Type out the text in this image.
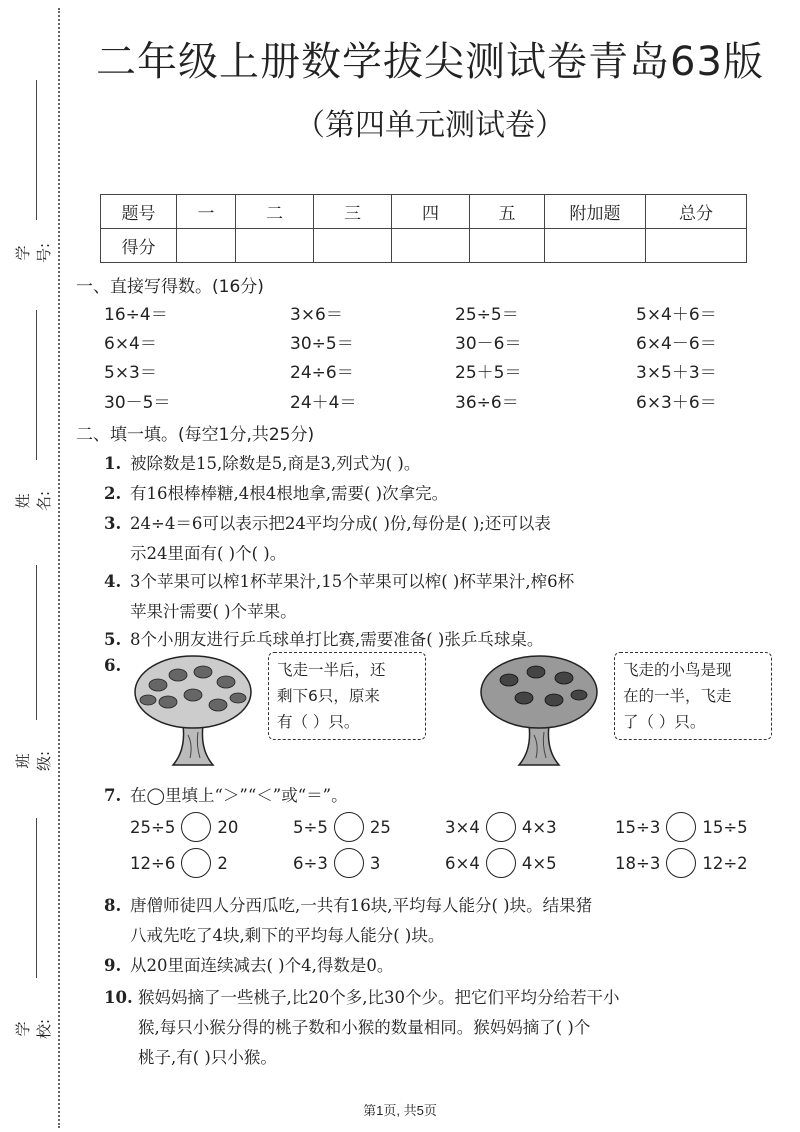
学号:
姓名:
班级:
学校:
二年级上册数学拔尖测试卷青岛63版
（第四单元测试卷）
题号	一	二	三	四	五	附加题	总分
得分							
一、直接写得数。(16分)
16÷4＝	3×6＝	25÷5＝	5×4＋6＝
6×4＝	30÷5＝	30－6＝	6×4－6＝
5×3＝	24÷6＝	25＋5＝	3×5＋3＝
30－5＝	24＋4＝	36÷6＝	6×3＋6＝
二、填一填。(每空1分,共25分)
1. 被除数是15,除数是5,商是3,列式为( )。
2. 有16根棒棒糖,4根4根地拿,需要( )次拿完。
3. 24÷4＝6可以表示把24平均分成( )份,每份是( );还可以表
示24里面有( )个( )。
4. 3个苹果可以榨1杯苹果汁,15个苹果可以榨( )杯苹果汁,榨6杯
苹果汁需要( )个苹果。
5. 8个小朋友进行乒乓球单打比赛,需要准备( )张乒乓球桌。
6.	飞走一半后，还
剩下6只，原来
有（ ）只。
飞走的小鸟是现
在的一半，飞走
了（ ）只。
7. 在◯里填上“＞”“＜”或“＝”。
25÷5	20	5÷5	25	3×4	4×3	15÷3	15÷5
12÷6	2	6÷3	3	6×4	4×5	18÷3	12÷2
8. 唐僧师徒四人分西瓜吃,一共有16块,平均每人能分( )块。结果猪
八戒先吃了4块,剩下的平均每人能分( )块。
9. 从20里面连续减去( )个4,得数是0。
10. 猴妈妈摘了一些桃子,比20个多,比30个少。把它们平均分给若干小
猴,每只小猴分得的桃子数和小猴的数量相同。猴妈妈摘了( )个
桃子,有( )只小猴。
第1页, 共5页
